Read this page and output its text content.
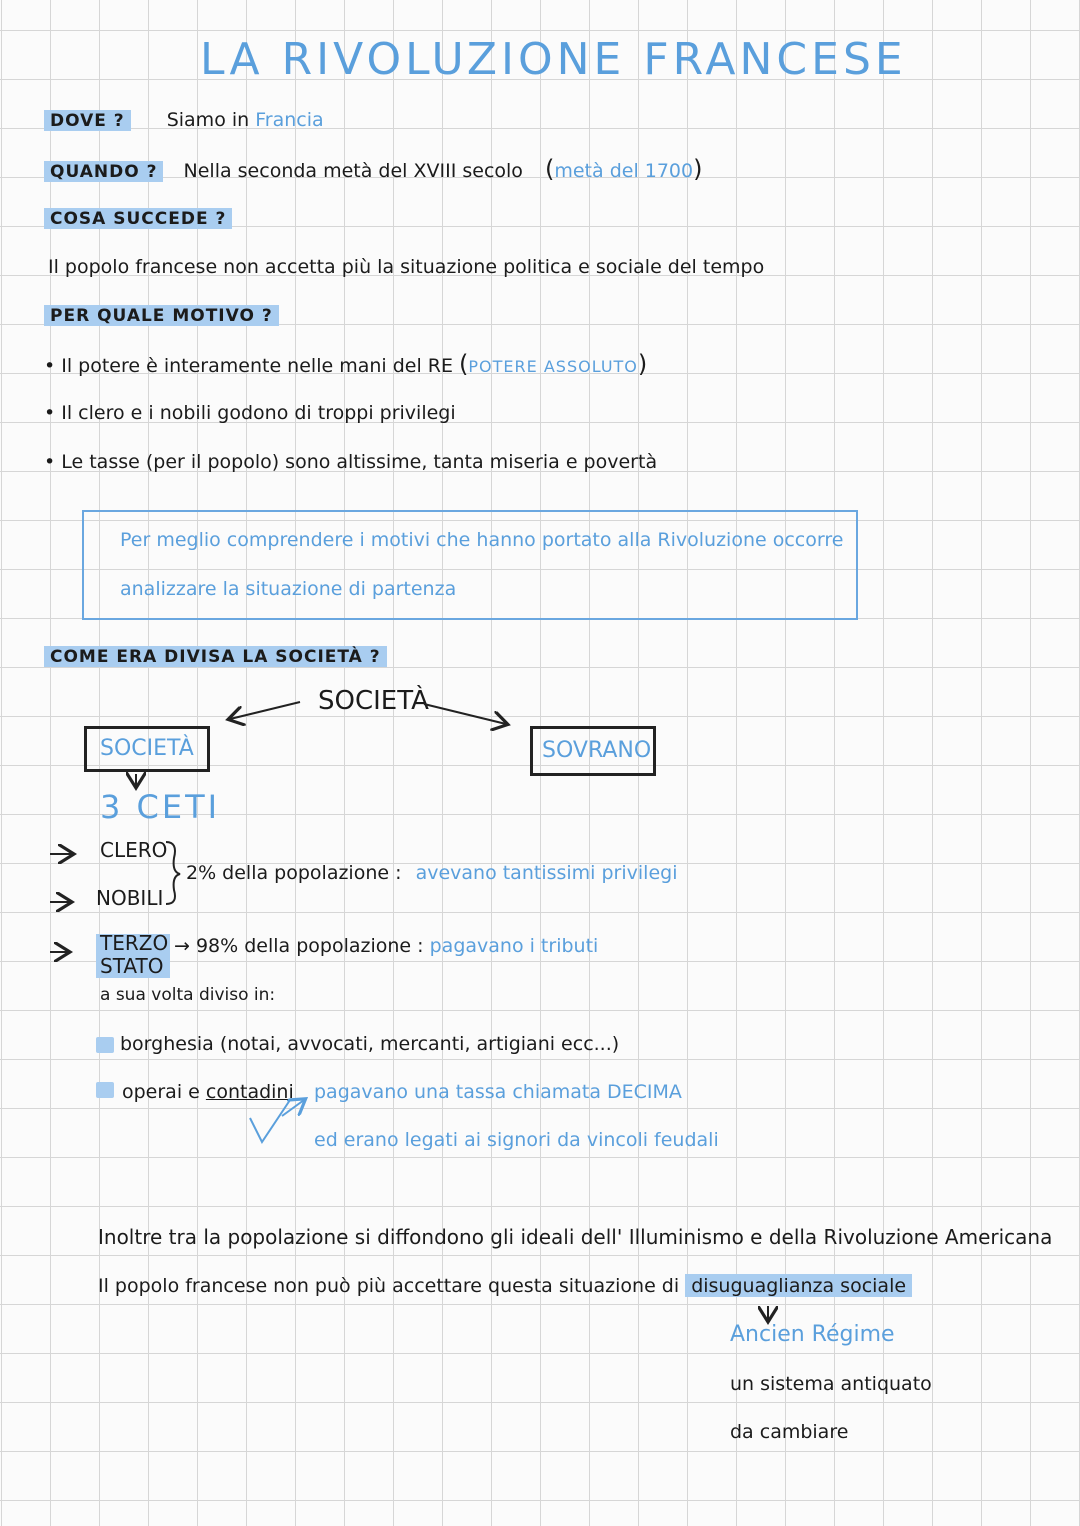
LA RIVOLUZIONE FRANCESE
DOVE ? Siamo in Francia
QUANDO ? Nella seconda metà del XVIII secolo (metà del 1700)
COSA SUCCEDE ?
Il popolo francese non accetta più la situazione politica e sociale del tempo
PER QUALE MOTIVO ?
• Il potere è interamente nelle mani del RE (POTERE ASSOLUTO)
• Il clero e i nobili godono di troppi privilegi
• Le tasse (per il popolo) sono altissime, tanta miseria e povertà
Per meglio comprendere i motivi che hanno portato alla Rivoluzione occorre
analizzare la situazione di partenza
COME ERA DIVISA LA SOCIETÀ ?
SOCIETÀ
SOCIETÀ	SOVRANO
3 CETI
CLERO
NOBILI
2% della popolazione : avevano tantissimi privilegi
TERZO
STATO
→ 98% della popolazione : pagavano i tributi
a sua volta diviso in:
borghesia (notai, avvocati, mercanti, artigiani ecc...)
operai e contadini pagavano una tassa chiamata DECIMA
ed erano legati ai signori da vincoli feudali
Inoltre tra la popolazione si diffondono gli ideali dell' Illuminismo e della Rivoluzione Americana
Il popolo francese non può più accettare questa situazione di disuguaglianza sociale
Ancien Régime
un sistema antiquato
da cambiare
